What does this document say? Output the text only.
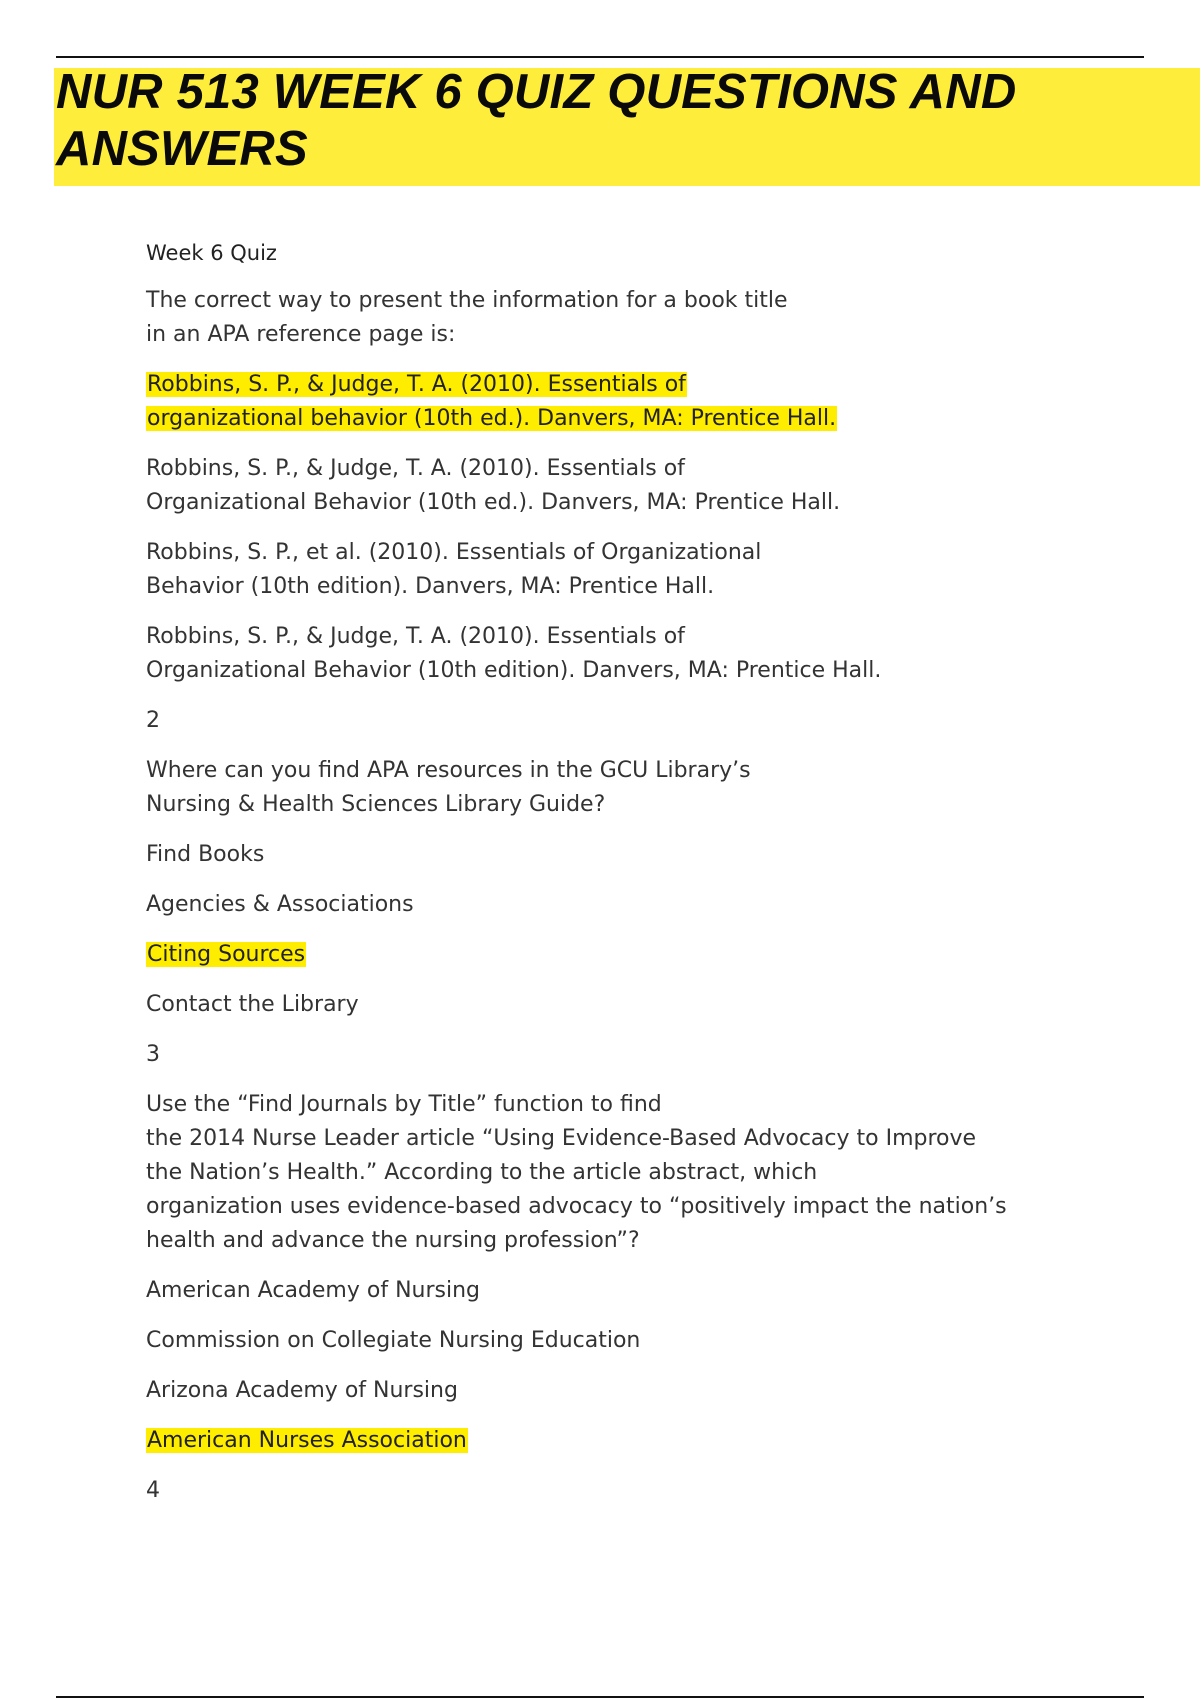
NUR 513 WEEK 6 QUIZ QUESTIONS AND ANSWERS

Week 6 Quiz

The correct way to present the information for a book title
in an APA reference page is:

Robbins, S. P., & Judge, T. A. (2010). Essentials of
organizational behavior (10th ed.). Danvers, MA: Prentice Hall.

Robbins, S. P., & Judge, T. A. (2010). Essentials of
Organizational Behavior (10th ed.). Danvers, MA: Prentice Hall.

Robbins, S. P., et al. (2010). Essentials of Organizational
Behavior (10th edition). Danvers, MA: Prentice Hall.

Robbins, S. P., & Judge, T. A. (2010). Essentials of
Organizational Behavior (10th edition). Danvers, MA: Prentice Hall.

2

Where can you find APA resources in the GCU Library’s
Nursing & Health Sciences Library Guide?

Find Books

Agencies & Associations

Citing Sources

Contact the Library

3

Use the “Find Journals by Title” function to find
the 2014 Nurse Leader article “Using Evidence-Based Advocacy to Improve
the Nation’s Health.” According to the article abstract, which
organization uses evidence-based advocacy to “positively impact the nation’s
health and advance the nursing profession”?

American Academy of Nursing

Commission on Collegiate Nursing Education

Arizona Academy of Nursing

American Nurses Association

4
